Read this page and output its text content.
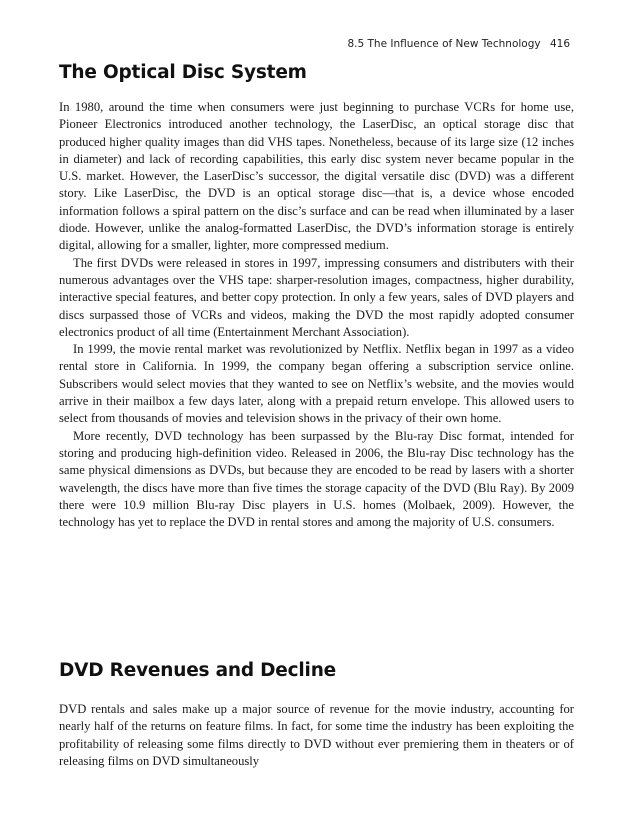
8.5 The Influence of New Technology 416
The Optical Disc System

In 1980, around the time when consumers were just beginning to purchase VCRs for home use, Pioneer Electronics introduced another technology, the LaserDisc, an optical storage disc that produced higher quality images than did VHS tapes. Nonetheless, because of its large size (12 inches in diameter) and lack of recording capabilities, this early disc system never became popular in the U.S. market. However, the LaserDisc’s successor, the digital versatile disc (DVD) was a different story. Like LaserDisc, the DVD is an optical storage disc—that is, a device whose encoded information follows a spiral pattern on the disc’s surface and can be read when illuminated by a laser diode. However, unlike the analog-formatted LaserDisc, the DVD’s information storage is entirely digital, allowing for a smaller, lighter, more compressed medium.

The first DVDs were released in stores in 1997, impressing consumers and distributers with their numerous advantages over the VHS tape: sharper-resolution images, compactness, higher durability, interactive special features, and better copy protection. In only a few years, sales of DVD players and discs surpassed those of VCRs and videos, making the DVD the most rapidly adopted consumer electronics product of all time (Entertainment Merchant Association).

In 1999, the movie rental market was revolutionized by Netflix. Netflix began in 1997 as a video rental store in California. In 1999, the company began offering a subscription service online. Subscribers would select movies that they wanted to see on Netflix’s website, and the movies would arrive in their mailbox a few days later, along with a prepaid return envelope. This allowed users to select from thousands of movies and television shows in the privacy of their own home.

More recently, DVD technology has been surpassed by the Blu-ray Disc format, intended for storing and producing high-definition video. Released in 2006, the Blu-ray Disc technology has the same physical dimensions as DVDs, but because they are encoded to be read by lasers with a shorter wavelength, the discs have more than five times the storage capacity of the DVD (Blu Ray). By 2009 there were 10.9 million Blu-ray Disc players in U.S. homes (Molbaek, 2009). However, the technology has yet to replace the DVD in rental stores and among the majority of U.S. consumers.

DVD Revenues and Decline

DVD rentals and sales make up a major source of revenue for the movie industry, accounting for nearly half of the returns on feature films. In fact, for some time the industry has been exploiting the profitability of releasing some films directly to DVD without ever premiering them in theaters or of releasing films on DVD simultaneously
